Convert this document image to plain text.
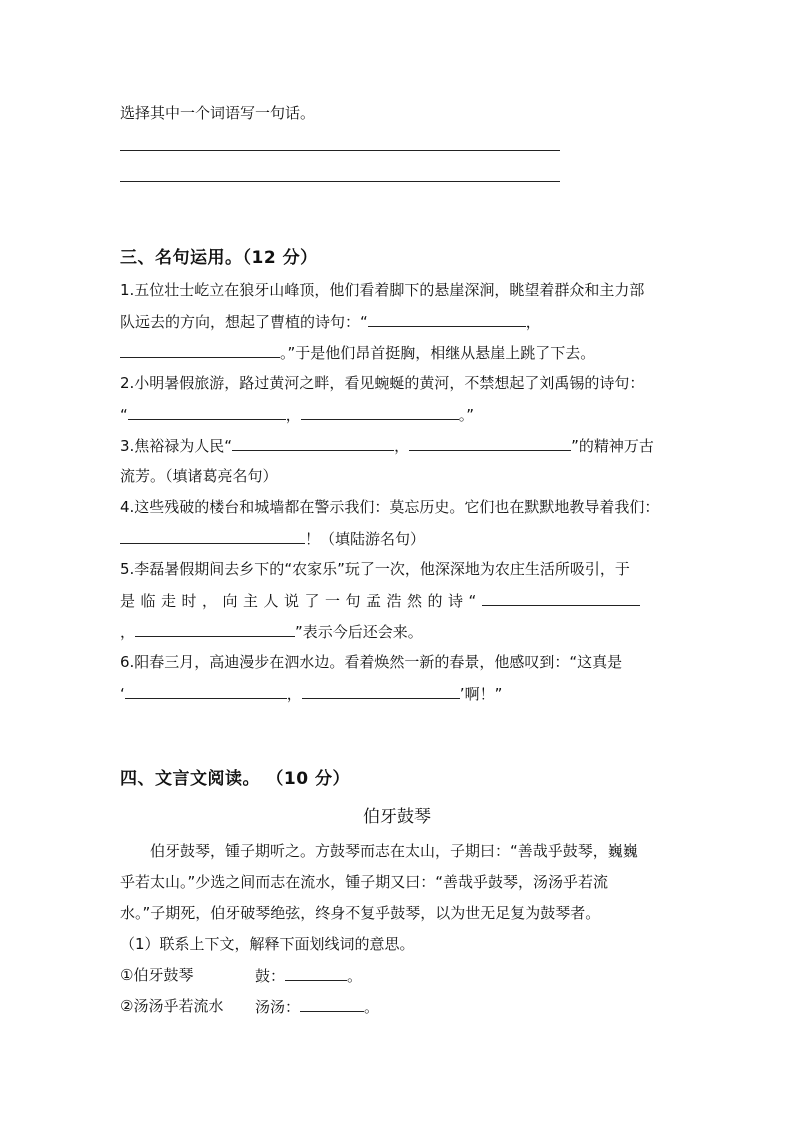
选择其中一个词语写一句话。
三、名句运用。（12 分）
1.五位壮士屹立在狼牙山峰顶，他们看着脚下的悬崖深涧，眺望着群众和主力部
队远去的方向，想起了曹植的诗句：“	，
。”于是他们昂首挺胸，相继从悬崖上跳了下去。
2.小明暑假旅游，路过黄河之畔，看见蜿蜒的黄河，不禁想起了刘禹锡的诗句：
“	，	。”
3.焦裕禄为人民“	，	”的精神万古
流芳。（填诸葛亮名句）
4.这些残破的楼台和城墙都在警示我们：莫忘历史。它们也在默默地教导着我们：
！（填陆游名句）
5.李磊暑假期间去乡下的“农家乐”玩了一次，他深深地为农庄生活所吸引，于
是临走时，向主人说了一句孟浩然的诗“
，	”表示今后还会来。
6.阳春三月，高迪漫步在泗水边。看着焕然一新的春景，他感叹到：“这真是
‘	，	’啊！”
四、文言文阅读。 （10 分）
伯牙鼓琴
伯牙鼓琴，锺子期听之。方鼓琴而志在太山，子期曰：“善哉乎鼓琴，巍巍
乎若太山。”少选之间而志在流水，锺子期又曰：“善哉乎鼓琴，汤汤乎若流
水。”子期死，伯牙破琴绝弦，终身不复乎鼓琴，以为世无足复为鼓琴者。
（1）联系上下文，解释下面划线词的意思。
①伯牙鼓琴	鼓：	。
②汤汤乎若流水 汤汤：	。
